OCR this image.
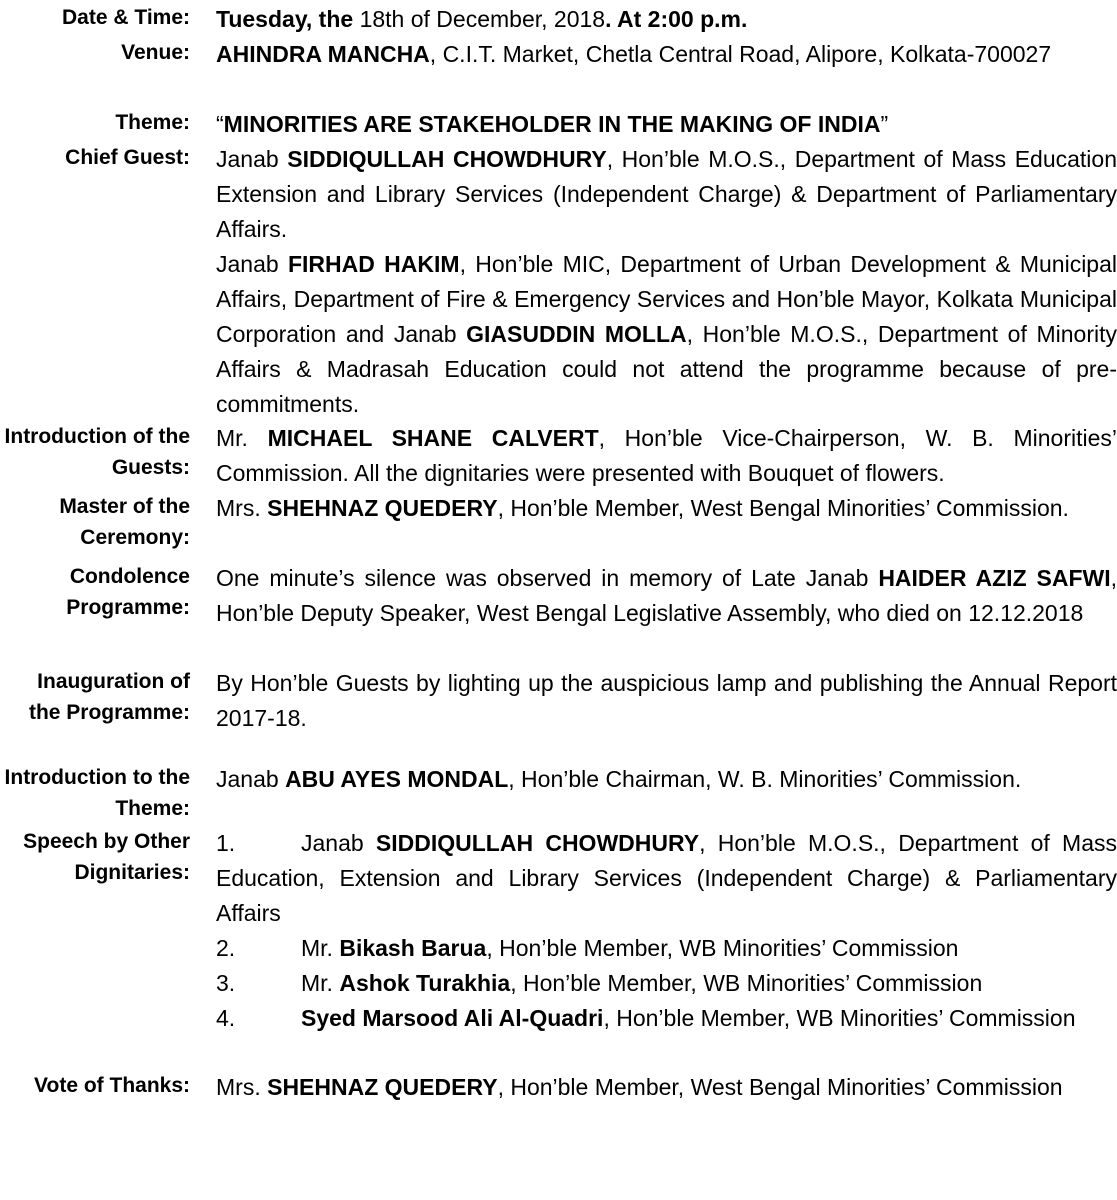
Date & Time: Tuesday, the 18th of December, 2018. At 2:00 p.m.
Venue: AHINDRA MANCHA, C.I.T. Market, Chetla Central Road, Alipore, Kolkata-700027
Theme: “MINORITIES ARE STAKEHOLDER IN THE MAKING OF INDIA”
Chief Guest: Janab SIDDIQULLAH CHOWDHURY, Hon’ble M.O.S., Department of Mass Education Extension and Library Services (Independent Charge) & Department of Parliamentary Affairs.
Janab FIRHAD HAKIM, Hon’ble MIC, Department of Urban Development & Municipal Affairs, Department of Fire & Emergency Services and Hon’ble Mayor, Kolkata Municipal Corporation and Janab GIASUDDIN MOLLA, Hon’ble M.O.S., Department of Minority Affairs & Madrasah Education could not attend the programme because of pre-commitments.
Introduction of the Guests:
Mr. MICHAEL SHANE CALVERT, Hon’ble Vice-Chairperson, W. B. Minorities’ Commission. All the dignitaries were presented with Bouquet of flowers.
Master of the Ceremony:
Mrs. SHEHNAZ QUEDERY, Hon’ble Member, West Bengal Minorities’ Commission.
Condolence Programme:
One minute’s silence was observed in memory of Late Janab HAIDER AZIZ SAFWI, Hon’ble Deputy Speaker, West Bengal Legislative Assembly, who died on 12.12.2018
Inauguration of the Programme:
By Hon’ble Guests by lighting up the auspicious lamp and publishing the Annual Report 2017-18.
Introduction to the Theme:
Janab ABU AYES MONDAL, Hon’ble Chairman, W. B. Minorities’ Commission.
Speech by Other Dignitaries:
1.	Janab SIDDIQULLAH CHOWDHURY, Hon’ble M.O.S., Department of Mass Education, Extension and Library Services (Independent Charge) & Parliamentary Affairs
2.	Mr. Bikash Barua, Hon’ble Member, WB Minorities’ Commission
3.	Mr. Ashok Turakhia, Hon’ble Member, WB Minorities’ Commission
4.	Syed Marsood Ali Al-Quadri, Hon’ble Member, WB Minorities’ Commission
Vote of Thanks: Mrs. SHEHNAZ QUEDERY, Hon’ble Member, West Bengal Minorities’ Commission
